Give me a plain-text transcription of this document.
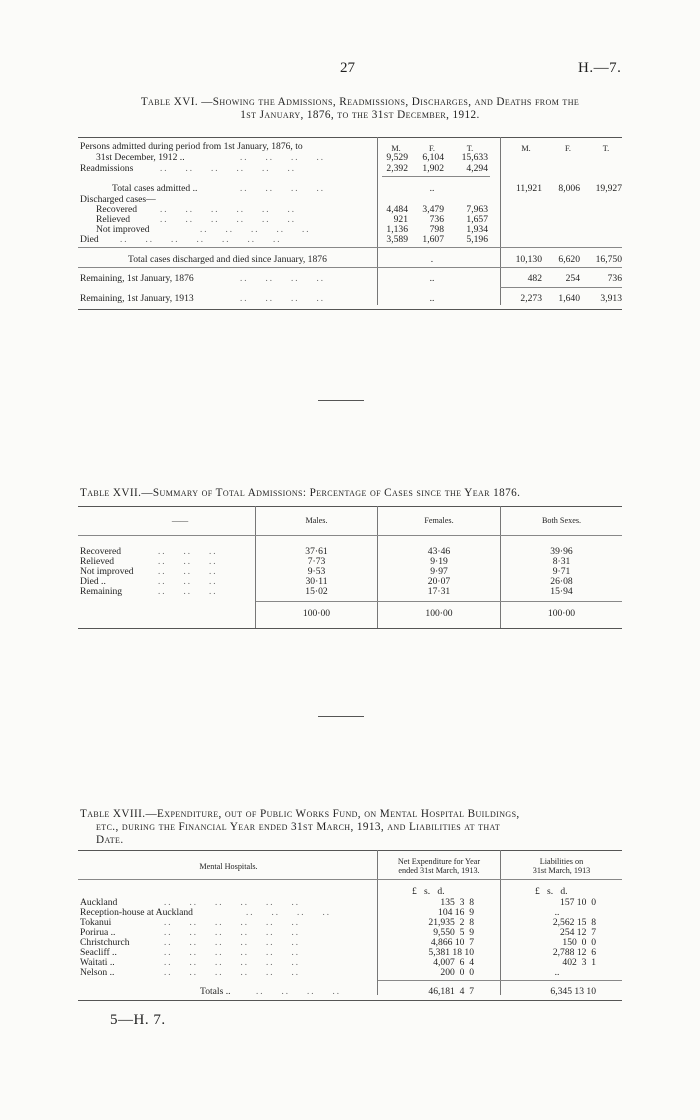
27	H.—7.
Table XVI. —Showing the Admissions, Readmissions, Discharges, and Deaths from the
1st January, 1876, to the 31st December, 1912.
M.	F.	T.	M.	F.	T.
Persons admitted during period from 1st January, 1876, to
31st December, 1912 ..	..    ..    ..    ..	9,529	6,104	15,633
Readmissions	..    ..    ..    ..    ..    ..	2,392	1,902	4,294
Total cases admitted ..	..    ..    ..    ..	..	11,921	8,006	19,927
Discharged cases—
Recovered	..    ..    ..    ..    ..    ..	4,484	3,479	7,963
Relieved	..    ..    ..    ..    ..    ..	921	736	1,657
Not improved	..    ..    ..    ..    ..	1,136	798	1,934
Died ..    ..    ..    ..    ..    ..    ..	3,589	1,607	5,196
Total cases discharged and died since January, 1876	.	10,130	6,620	16,750
Remaining, 1st January, 1876	..    ..    ..    ..	..	482	254	736
Remaining, 1st January, 1913	..    ..    ..    ..	..	2,273	1,640	3,913
Table XVII.—Summary of Total Admissions: Percentage of Cases since the Year 1876.
——	Males.	Females.	Both Sexes.
Recovered	..    ..    ..	37·61	43·46	39·96
Relieved	..    ..    ..	7·73	9·19	8·31
Not improved	..    ..    ..	9·53	9·97	9·71
Died ..	..    ..    ..	30·11	20·07	26·08
Remaining	..    ..    ..	15·02	17·31	15·94
100·00	100·00	100·00
Table XVIII.—Expenditure, out of Public Works Fund, on Mental Hospital Buildings,
etc., during the Financial Year ended 31st March, 1913, and Liabilities at that
Date.
Mental Hospitals.
Net Expenditure for Year
ended 31st March, 1913.
Liabilities on
31st March, 1913
£   s.   d.	£   s.   d.
Auckland	..    ..    ..    ..    ..    ..	135  3  8	157 10  0
Reception-house at Auckland	..    ..    ..    ..	104 16  9	..
Tokanui	..    ..    ..    ..    ..    ..	21,935  2  8	2,562 15  8
Porirua ..	..    ..    ..    ..    ..    ..	9,550  5  9	254 12  7
Christchurch	..    ..    ..    ..    ..    ..	4,866 10  7	150  0  0
Seacliff ..	..    ..    ..    ..    ..    ..	5,381 18 10	2,788 12  6
Waitati ..	..    ..    ..    ..    ..    ..	4,007  6  4	402  3  1
Nelson ..	..    ..    ..    ..    ..    ..	200  0  0	..
Totals ..	..    ..    ..    ..	46,181  4  7	6,345 13 10
5—H. 7.
